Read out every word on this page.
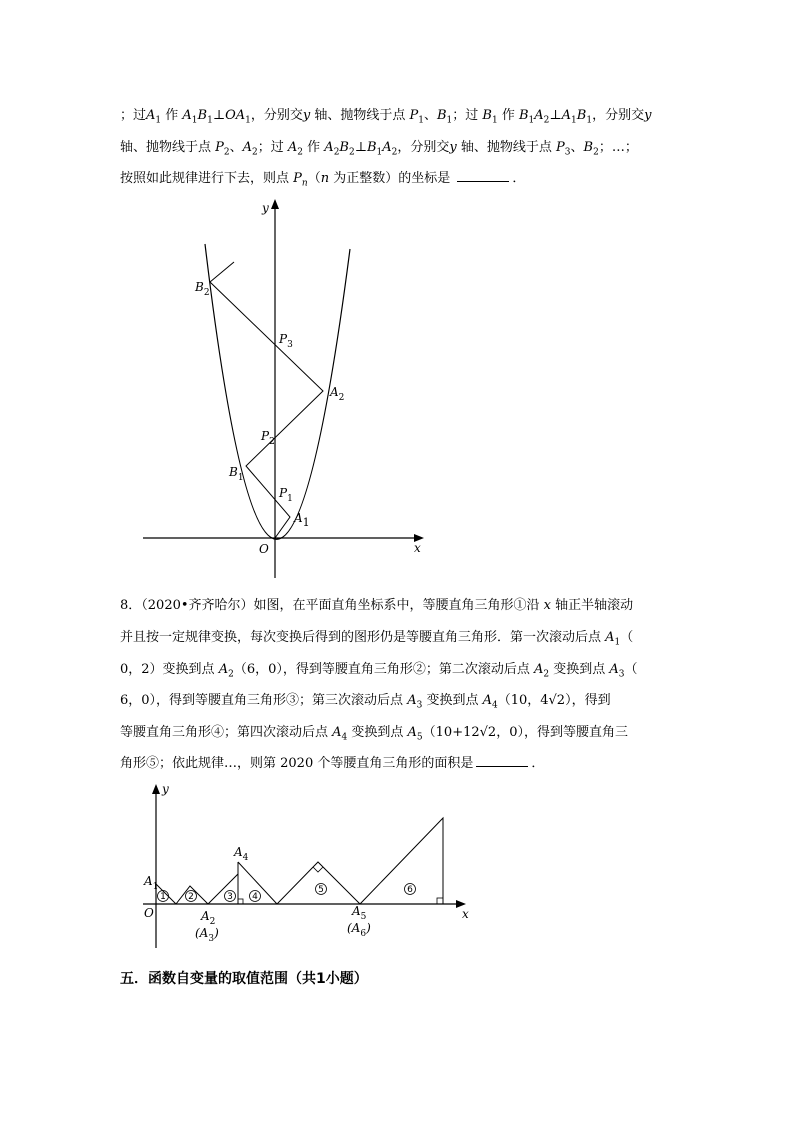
；过$A_1$ 作 $A_1B_1\perp OA_1$，分别交y 轴、抛物线于点 $P_1$、$B_1$；过 $B_1$ 作 $B_1A_2\perp A_1B_1$，分别交y
轴、抛物线于点 $P_2$、$A_2$；过 $A_2$ 作 $A_2B_2\perp B_1A_2$，分别交y 轴、抛物线于点 $P_3$、$B_2$；…；
按照如此规律进行下去，则点 $P_n(n$ 为正整数）的坐标是	．
y
x
O
A1
$P_1$
$B_1$
$P_2$
$A_2$
$P_3$
$B_2$
8．（2020•齐齐哈尔）如图，在平面直角坐标系中，等腰直角三角形①沿 x 轴正半轴滚动
并且按一定规律变换，每次变换后得到的图形仍是等腰直角三角形．第一次滚动后点 $A_1$（
0，2）变换到点 $A_2(6$，0），得到等腰直角三角形②；第二次滚动后点 $A_2$ 变换到点 $A_3$（
6，0），得到等腰直角三角形③；第三次滚动后点 $A_3$ 变换到点 $A_4(10$，4√2），得到
等腰直角三角形④；第四次滚动后点 $A_4$ 变换到点 $A_5(10+12√2$，0），得到等腰直角三
角形⑤；依此规律…，则第 2020 个等腰直角三角形的面积是	．
1 2	3 4
5	6
y
x
O
$A_1$
$A_4$
$A_2$
$(A_3)$
$A_5$
$(A_6)$
五．函数自变量的取值范围（共1小题）
